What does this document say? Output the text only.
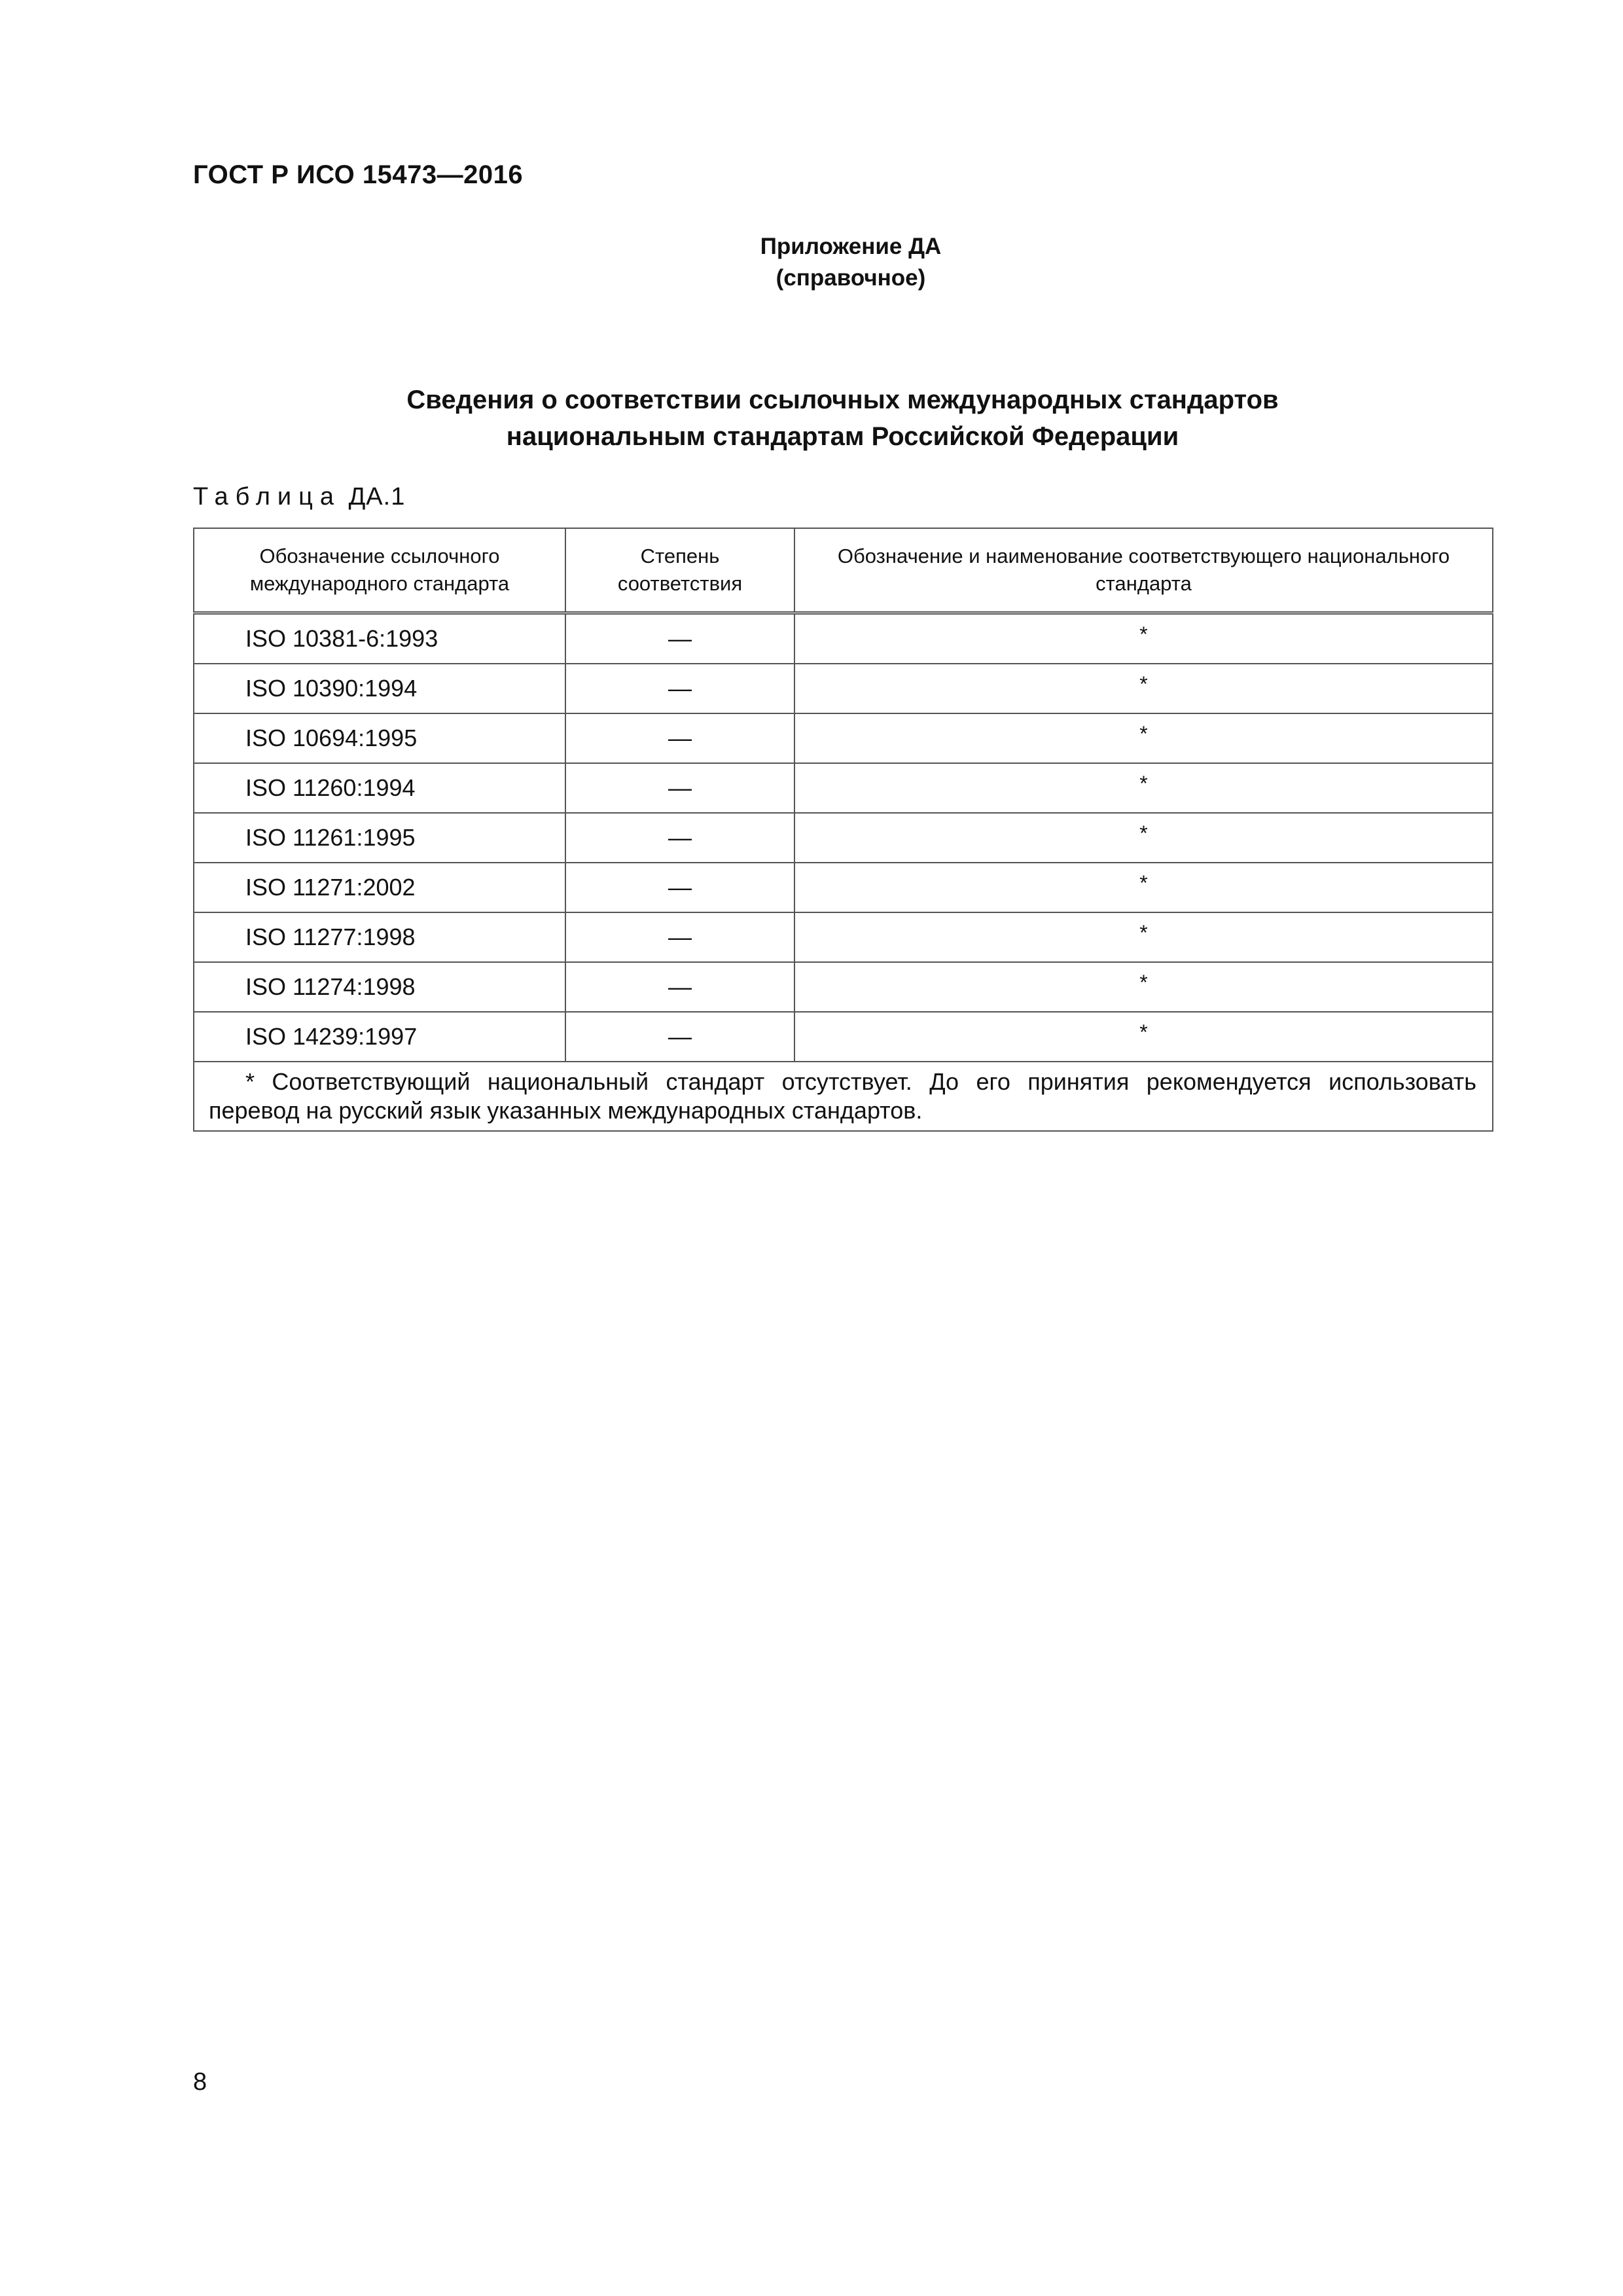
ГОСТ Р ИСО 15473—2016
Приложение ДА
(справочное)
Сведения о соответствии ссылочных международных стандартов
национальным стандартам Российской Федерации
Таблица ДА.1
Обозначение ссылочного международного стандарта	Степень соответствия	Обозначение и наименование соответствующего национального стандарта
ISO 10381-6:1993	—	*
ISO 10390:1994	—	*
ISO 10694:1995	—	*
ISO 11260:1994	—	*
ISO 11261:1995	—	*
ISO 11271:2002	—	*
ISO 11277:1998	—	*
ISO 11274:1998	—	*
ISO 14239:1997	—	*
* Соответствующий национальный стандарт отсутствует. До его принятия рекомендуется использовать перевод на русский язык указанных международных стандартов.		
8
